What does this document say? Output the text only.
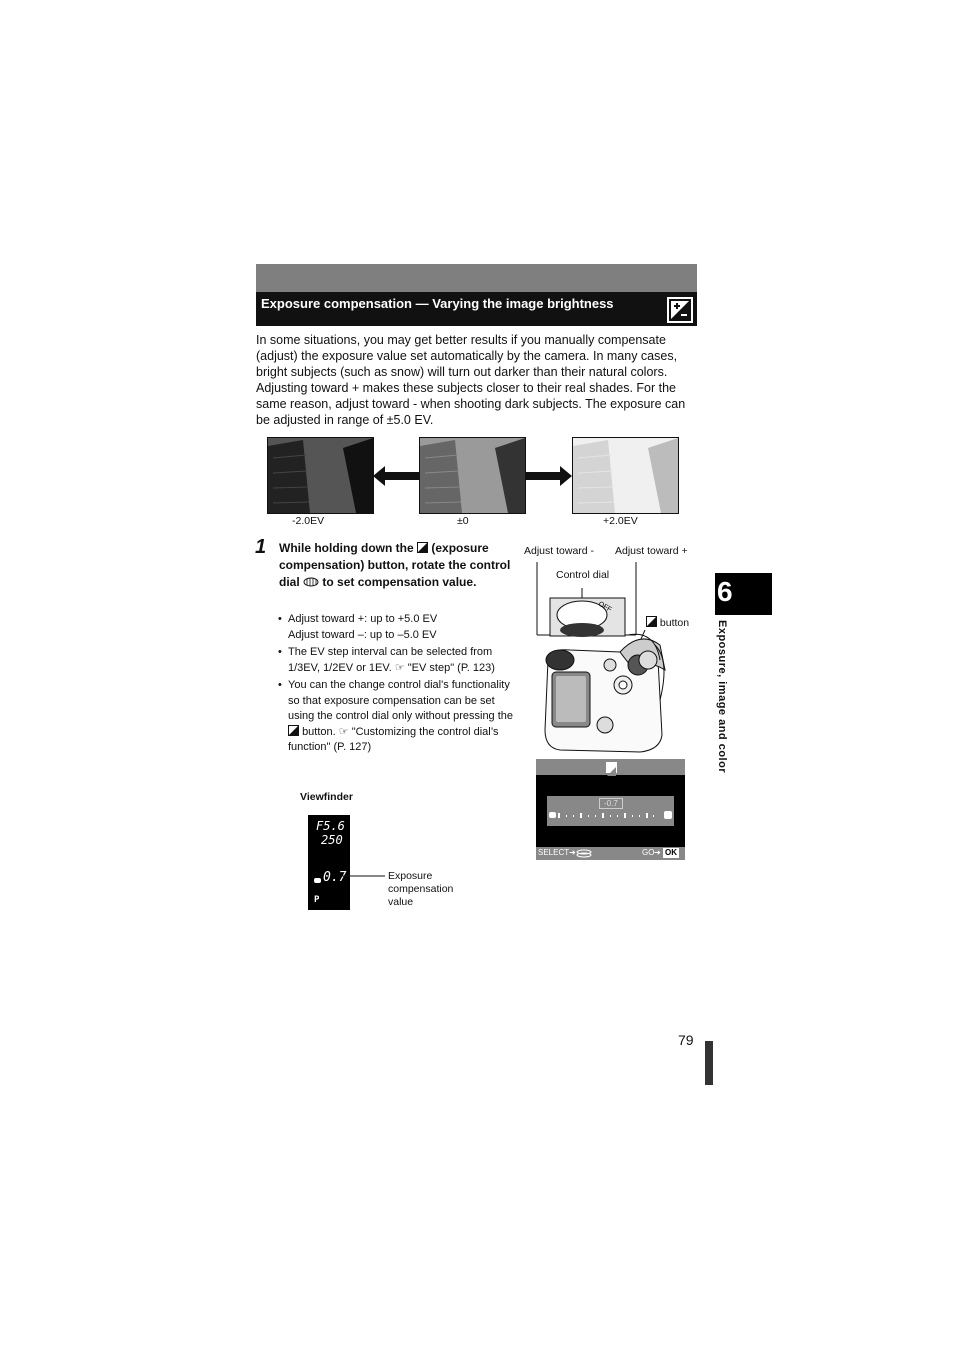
Exposure compensation — Varying the image brightness
In some situations, you may get better results if you manually compensate (adjust) the exposure value set automatically by the camera. In many cases, bright subjects (such as snow) will turn out darker than their natural colors. Adjusting toward + makes these subjects closer to their real shades. For the same reason, adjust toward - when shooting dark subjects. The exposure can be adjusted in range of ±5.0 EV.
-2.0EV	±0	+2.0EV
1 While holding down the (exposure compensation) button, rotate the control dial to set compensation value.
• Adjust toward +: up to +5.0 EV
Adjust toward –: up to –5.0 EV
• The EV step interval can be selected from 1/3EV, 1/2EV or 1EV. ☞ "EV step" (P. 123)
• You can the change control dial's functionality so that exposure compensation can be set using the control dial only without pressing the  button. ☞ "Customizing the control dial’s function" (P. 127)
Viewfinder
F5.6
250
0.7
P
Exposure compensation value
Adjust toward - Adjust toward +
Control dial
button
OFF
-0.7
SELECT ➜	GO ➜ OK
6
Exposure, image and color
79
